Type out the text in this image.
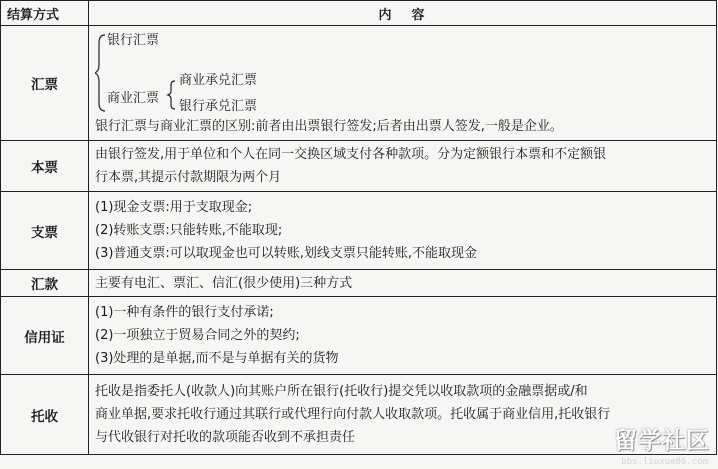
结算方式	内 容
汇票	银行汇票
商业汇票
商业承兑汇票
银行承兑汇票
银行汇票与商业汇票的区别:前者由出票银行签发;后者由出票人签发,一般是企业。

本票	由银行签发,用于单位和个人在同一交换区域支付各种款项。分为定额银行本票和不定额银
行本票,其提示付款期限为两个月

支票	(1)现金支票:用于支取现金;
(2)转账支票:只能转账,不能取现;
(3)普通支票:可以取现金也可以转账,划线支票只能转账,不能取现金

汇款	主要有电汇、票汇、信汇(很少使用)三种方式

信用证	(1)一种有条件的银行支付承诺;
(2)一项独立于贸易合同之外的契约;
(3)处理的是单据,而不是与单据有关的货物

托收	托收是指委托人(收款人)向其账户所在银行(托收行)提交凭以收取款项的金融票据或/和
商业单据,要求托收行通过其联行或代理行向付款人收取款项。托收属于商业信用,托收银行
与代收银行对托收的款项能否收到不承担责任	留学社区
bbs.liuxue86.com
